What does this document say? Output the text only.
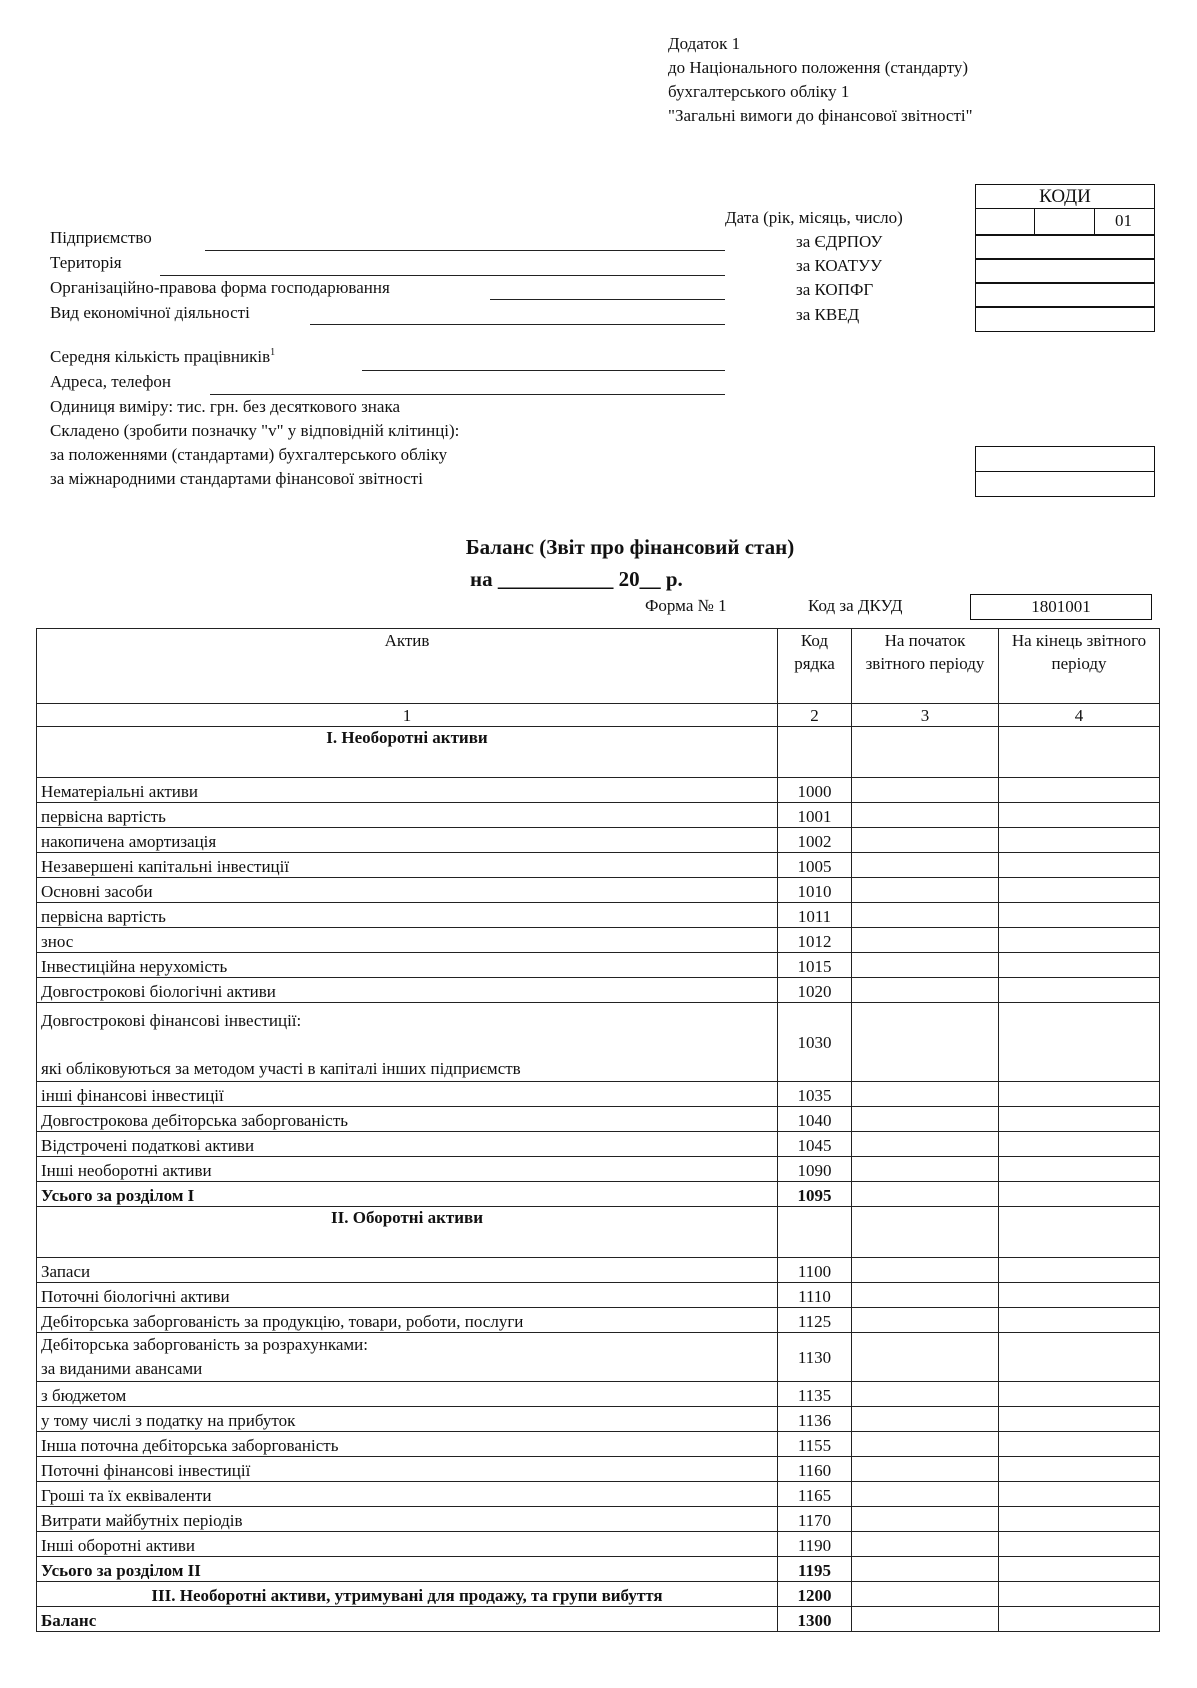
Додаток 1
до Національного положення (стандарту)
бухгалтерського обліку 1
"Загальні вимоги до фінансової звітності"
КОДИ
01
Дата (рік, місяць, число)
за ЄДРПОУ
за КОАТУУ
за КОПФГ
за КВЕД
Підприємство
Територія
Організаційно-правова форма господарювання
Вид економічної діяльності
Середня кількість працівників$^1$
Адреса, телефон
Одиниця виміру: тис. грн. без десяткового знака
Складено (зробити позначку "v" у відповідній клітинці):
за положеннями (стандартами) бухгалтерського обліку
за міжнародними стандартами фінансової звітності
Баланс (Звіт про фінансовий стан)
на ___________ 20__ р.
Форма № 1	Код за ДКУД	1801001
Актив	Код рядка	На початок звітного періоду	На кінець звітного періоду
1	2	3	4
І. Необоротні активи			
Нематеріальні активи	1000		
первісна вартість	1001		
накопичена амортизація	1002		
Незавершені капітальні інвестиції	1005		
Основні засоби	1010		
первісна вартість	1011		
знос	1012		
Інвестиційна нерухомість	1015		
Довгострокові біологічні активи	1020		

Довгострокові фінансові інвестиції:
які обліковуються за методом участі в капіталі інших підприємств	1030		
інші фінансові інвестиції	1035		
Довгострокова дебіторська заборгованість	1040		
Відстрочені податкові активи	1045		
Інші необоротні активи	1090		
Усього за розділом І	1095		
ІІ. Оборотні активи			
Запаси	1100		
Поточні біологічні активи	1110		
Дебіторська заборгованість за продукцію, товари, роботи, послуги	1125		

Дебіторська заборгованість за розрахунками:
за виданими авансами	1130		
з бюджетом	1135		
у тому числі з податку на прибуток	1136		
Інша поточна дебіторська заборгованість	1155		
Поточні фінансові інвестиції	1160		
Гроші та їх еквіваленти	1165		
Витрати майбутніх періодів	1170		
Інші оборотні активи	1190		
Усього за розділом ІІ	1195		
ІІІ. Необоротні активи, утримувані для продажу, та групи вибуття	1200		
Баланс	1300		
